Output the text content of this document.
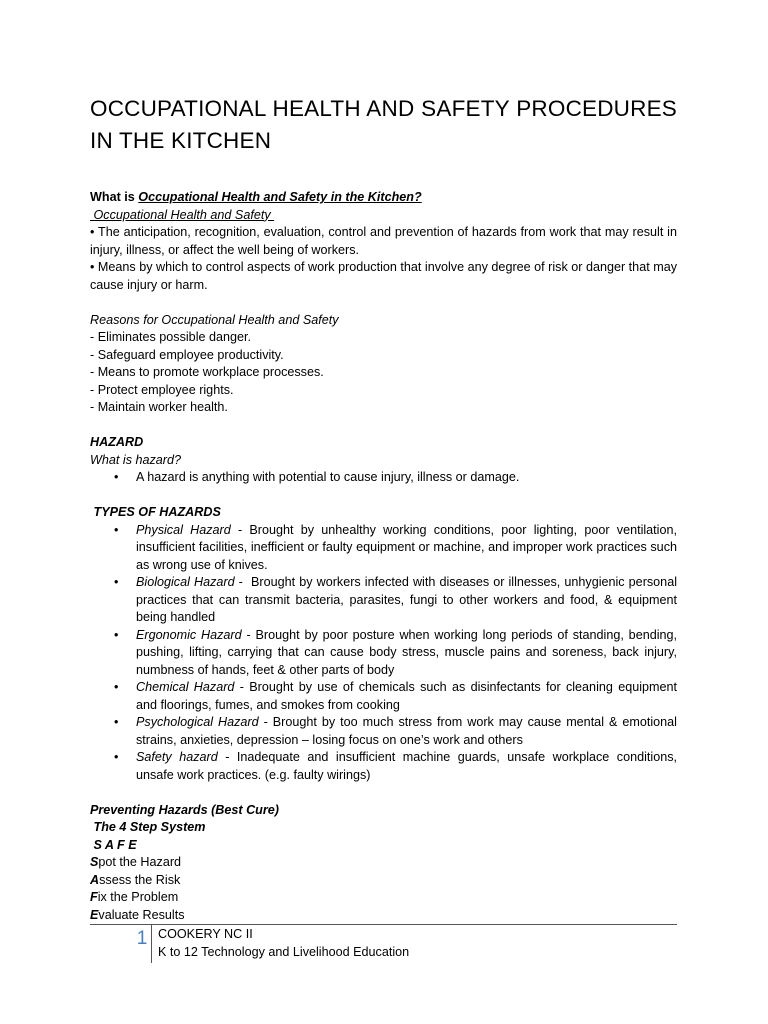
OCCUPATIONAL HEALTH AND SAFETY PROCEDURES IN THE KITCHEN

What is Occupational Health and Safety in the Kitchen?

Occupational Health and Safety

• The anticipation, recognition, evaluation, control and prevention of hazards from work that may result in injury, illness, or affect the well being of workers.

• Means by which to control aspects of work production that involve any degree of risk or danger that may cause injury or harm.

Reasons for Occupational Health and Safety

- Eliminates possible danger.

- Safeguard employee productivity.

- Means to promote workplace processes.

- Protect employee rights.

- Maintain worker health.

HAZARD

What is hazard?

• A hazard is anything with potential to cause injury, illness or damage.

TYPES OF HAZARDS

• Physical Hazard - Brought by unhealthy working conditions, poor lighting, poor ventilation, insufficient facilities, inefficient or faulty equipment or machine, and improper work practices such as wrong use of knives.
• Biological Hazard -  Brought by workers infected with diseases or illnesses, unhygienic personal practices that can transmit bacteria, parasites, fungi to other workers and food, & equipment being handled
• Ergonomic Hazard - Brought by poor posture when working long periods of standing, bending, pushing, lifting, carrying that can cause body stress, muscle pains and soreness, back injury, numbness of hands, feet & other parts of body
• Chemical Hazard - Brought by use of chemicals such as disinfectants for cleaning equipment and floorings, fumes, and smokes from cooking
• Psychological Hazard - Brought by too much stress from work may cause mental & emotional strains, anxieties, depression – losing focus on one’s work and others
• Safety hazard - Inadequate and insufficient machine guards, unsafe workplace conditions, unsafe work practices. (e.g. faulty wirings)

Preventing Hazards (Best Cure)

The 4 Step System

S A F E

Spot the Hazard

Assess the Risk

Fix the Problem

Evaluate Results

1 COOKERY NC II
K to 12 Technology and Livelihood Education
